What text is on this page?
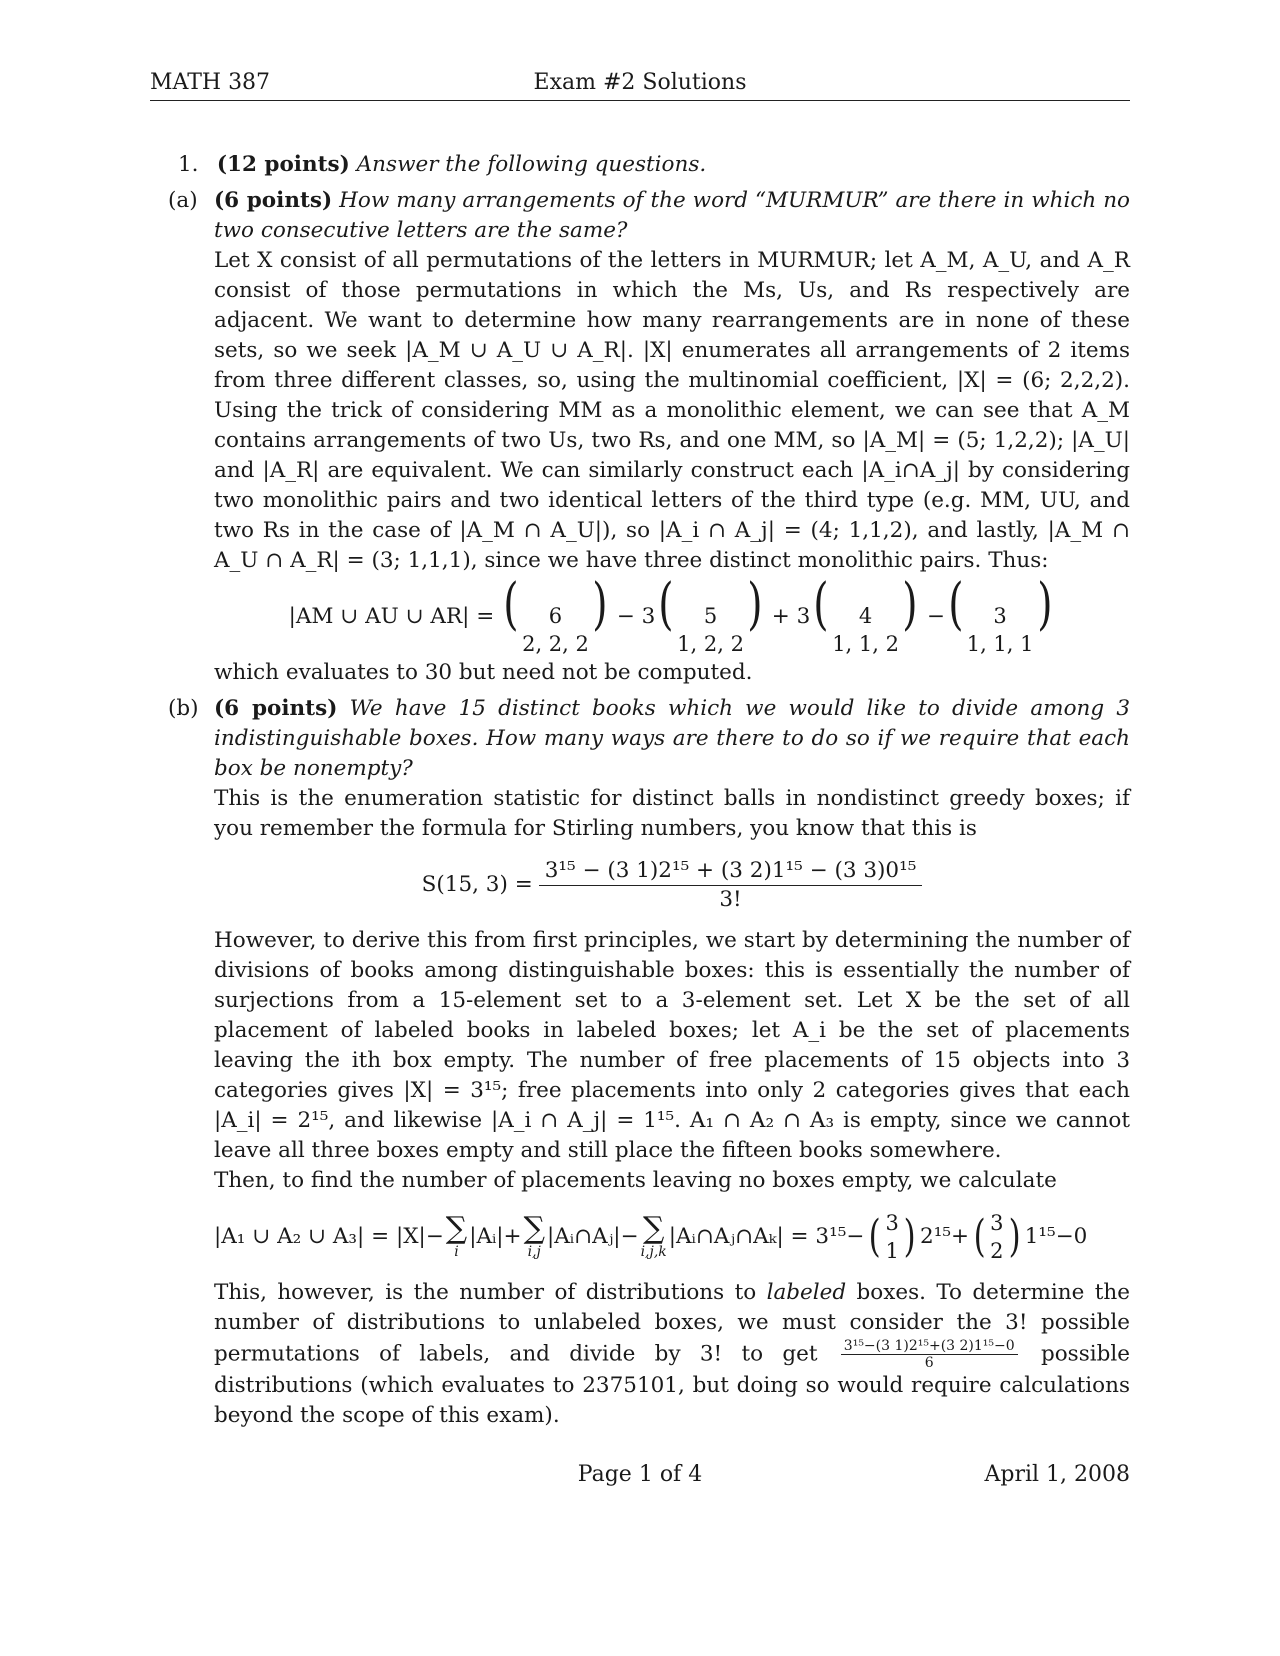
MATH 387	Exam #2 Solutions
1. (12 points) Answer the following questions.
(a) (6 points) How many arrangements of the word “MURMUR” are there in which no two consecutive letters are the same?

Let X consist of all permutations of the letters in MURMUR; let A_M, A_U, and A_R consist of those permutations in which the Ms, Us, and Rs respectively are adjacent. We want to determine how many rearrangements are in none of these sets, so we seek |A_M ∪ A_U ∪ A_R|. |X| enumerates all arrangements of 2 items from three different classes, so, using the multinomial coefficient, |X| = (6; 2,2,2). Using the trick of considering MM as a monolithic element, we can see that A_M contains arrangements of two Us, two Rs, and one MM, so |A_M| = (5; 1,2,2); |A_U| and |A_R| are equivalent. We can similarly construct each |A_i∩A_j| by considering two monolithic pairs and two identical letters of the third type (e.g. MM, UU, and two Rs in the case of |A_M ∩ A_U|), so |A_i ∩ A_j| = (4; 1,1,2), and lastly, |A_M ∩ A_U ∩ A_R| = (3; 1,1,1), since we have three distinct monolithic pairs. Thus:

|AM ∪ AU ∪ AR| = ( 6
2, 2, 2
) − 3( 5
1, 2, 2
) + 3( 4
1, 1, 2
) −( 3
1, 1, 1
)

which evaluates to 30 but need not be computed.

(b) (6 points) We have 15 distinct books which we would like to divide among 3 indistinguishable boxes. How many ways are there to do so if we require that each box be nonempty?

This is the enumeration statistic for distinct balls in nondistinct greedy boxes; if you remember the formula for Stirling numbers, you know that this is

S(15, $3) = \frac{\text{3¹⁵ − (3 1)2¹⁵ + (3 2)1¹⁵ − (3 3)0¹⁵}}{3!}$

However, to derive this from first principles, we start by determining the number of divisions of books among distinguishable boxes: this is essentially the number of surjections from a 15-element set to a 3-element set. Let X be the set of all placement of labeled books in labeled boxes; let A_i be the set of placements leaving the ith box empty. The number of free placements of 15 objects into 3 categories gives |X| = 3¹⁵; free placements into only 2 categories gives that each |A_i| = 2¹⁵, and likewise |A_i ∩ A_j| = 1¹⁵. A₁ ∩ A₂ ∩ A₃ is empty, since we cannot leave all three boxes empty and still place the fifteen books somewhere.

Then, to find the number of placements leaving no boxes empty, we calculate

|A₁ ∪ A₂ ∪ A₃| = |X|− ∑
i
|Aᵢ|+ ∑
i,j
|Aᵢ∩Aⱼ|− ∑
i,j,k
|Aᵢ∩Aⱼ∩Aₖ| = 3¹⁵− ( 3
1 ) 2¹⁵+ ( 3
2 ) 1¹⁵−0

This, however, is the number of distributions to labeled boxes. To determine the number of distributions to unlabeled boxes, we must consider the 3! possible permutations of labels, and divide by 3! to get $\frac{\text{3¹⁵−(3 1)2¹⁵+(3 2)1¹⁵−0}}{6}$ possible distributions (which evaluates to 2375101, but doing so would require calculations beyond the scope of this exam).

Page 1 of 4	April 1, 2008
